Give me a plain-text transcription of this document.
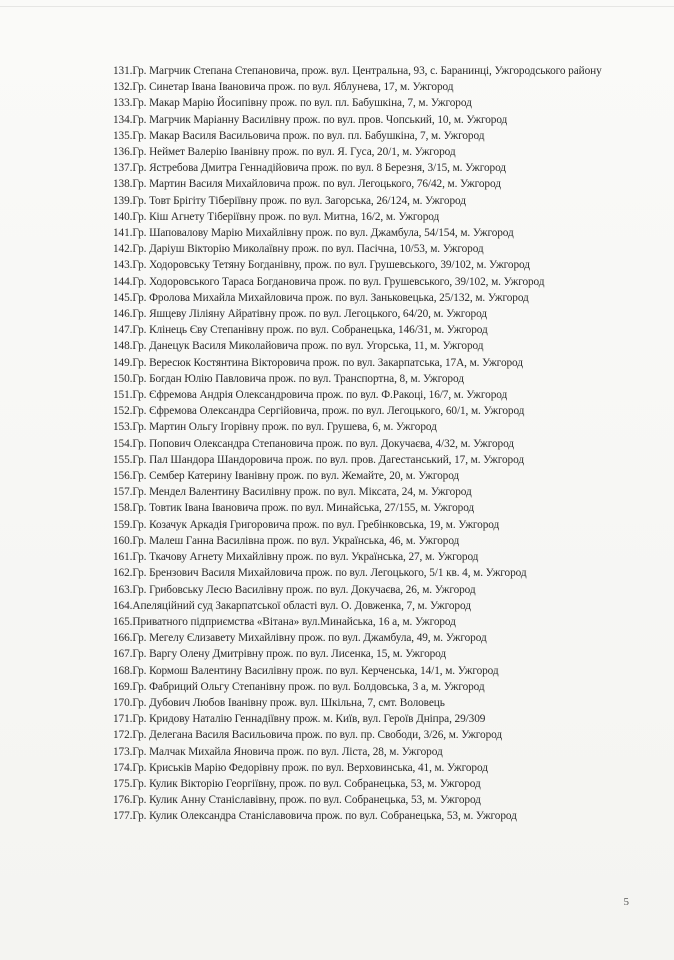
131.Гр. Магрчик Степана Степановича, прож. вул. Центральна, 93, с. Баранинці, Ужгородського району
132.Гр. Синетар Івана Івановича прож. по вул. Яблунева, 17, м. Ужгород
133.Гр. Макар Марію Йосипівну прож. по вул. пл. Бабушкіна, 7, м. Ужгород
134.Гр. Магрчик Маріанну Василівну прож. по вул. пров. Чопський, 10, м. Ужгород
135.Гр. Макар Василя Васильовича прож. по вул. пл. Бабушкіна, 7, м. Ужгород
136.Гр. Неймет Валерію Іванівну прож. по вул. Я. Гуса, 20/1, м. Ужгород
137.Гр. Ястребова Дмитра Геннадійовича прож. по вул. 8 Березня, 3/15, м. Ужгород
138.Гр. Мартин Василя Михайловича прож. по вул. Легоцького, 76/42, м. Ужгород
139.Гр. Товт Брігіту Тіберіївну прож. по вул. Загорська, 26/124, м. Ужгород
140.Гр. Кіш Агнету Тіберіївну прож. по вул. Митна, 16/2, м. Ужгород
141.Гр. Шаповалову Марію Михайлівну прож. по вул. Джамбула, 54/154, м. Ужгород
142.Гр. Даріуш Вікторію Миколаївну прож. по вул. Пасічна, 10/53, м. Ужгород
143.Гр. Ходоровську Тетяну Богданівну, прож. по вул. Грушевського, 39/102, м. Ужгород
144.Гр. Ходоровського Тараса Богдановича прож. по вул. Грушевського, 39/102, м. Ужгород
145.Гр. Фролова Михайла Михайловича прож. по вул. Заньковецька, 25/132, м. Ужгород
146.Гр. Яшцеву Ліліяну Айратівну прож. по вул. Легоцького, 64/20, м. Ужгород
147.Гр. Клінець Єву Степанівну прож. по вул. Собранецька, 146/31, м. Ужгород
148.Гр. Данецук Василя Миколайовича прож. по вул. Угорська, 11, м. Ужгород
149.Гр. Вересюк Костянтина Вікторовича прож. по вул. Закарпатська, 17А, м. Ужгород
150.Гр. Богдан Юлію Павловича прож. по вул. Транспортна, 8, м. Ужгород
151.Гр. Єфремова Андрія Олександровича прож. по вул. Ф.Ракоці, 16/7, м. Ужгород
152.Гр. Єфремова Олександра Сергійовича, прож. по вул. Легоцького, 60/1, м. Ужгород
153.Гр. Мартин Ольгу Ігорівну прож. по вул. Грушева, 6, м. Ужгород
154.Гр. Попович Олександра Степановича прож. по вул. Докучаєва, 4/32, м. Ужгород
155.Гр. Пал Шандора Шандоровича прож. по вул. пров. Дагестанський, 17, м. Ужгород
156.Гр. Сембер Катерину Іванівну прож. по вул. Жемайте, 20, м. Ужгород
157.Гр. Мендел Валентину Василівну прож. по вул. Міксата, 24, м. Ужгород
158.Гр. Товтик Івана Івановича прож. по вул. Минайська, 27/155, м. Ужгород
159.Гр. Козачук Аркадія Григоровича прож. по вул. Гребінковська, 19, м. Ужгород
160.Гр. Малеш Ганна Василівна прож. по вул. Українська, 46, м. Ужгород
161.Гр. Ткачову Агнету Михайлівну прож. по вул. Українська, 27, м. Ужгород
162.Гр. Брензович Василя Михайловича прож. по вул. Легоцького, 5/1 кв. 4, м. Ужгород
163.Гр. Грибовську Лесю Василівну прож. по вул. Докучаєва, 26, м. Ужгород
164.Апеляційний суд Закарпатської області вул. О. Довженка, 7, м. Ужгород
165.Приватного підприємства «Вітана» вул.Минайська, 16 а, м. Ужгород
166.Гр. Мегелу Єлизавету Михайлівну прож. по вул. Джамбула, 49, м. Ужгород
167.Гр. Варгу Олену Дмитрівну прож. по вул. Лисенка, 15, м. Ужгород
168.Гр. Кормош Валентину Василівну прож. по вул. Керченська, 14/1, м. Ужгород
169.Гр. Фабриций Ольгу Степанівну прож. по вул. Болдовська, 3 а, м. Ужгород
170.Гр. Дубович Любов Іванівну прож. вул. Шкільна, 7, смт. Воловець
171.Гр. Кридову Наталію Геннадіївну прож. м. Київ, вул. Героїв Дніпра, 29/309
172.Гр. Делегана Василя Васильовича прож. по вул. пр. Свободи, 3/26, м. Ужгород
173.Гр. Малчак Михайла Яновича прож. по вул. Ліста, 28, м. Ужгород
174.Гр. Криськів Марію Федорівну прож. по вул. Верховинська, 41, м. Ужгород
175.Гр. Кулик Вікторію Георгіївну, прож. по вул. Собранецька, 53, м. Ужгород
176.Гр. Кулик Анну Станіславівну, прож. по вул. Собранецька, 53, м. Ужгород
177.Гр. Кулик Олександра Станіславовича прож. по вул. Собранецька, 53, м. Ужгород
5
